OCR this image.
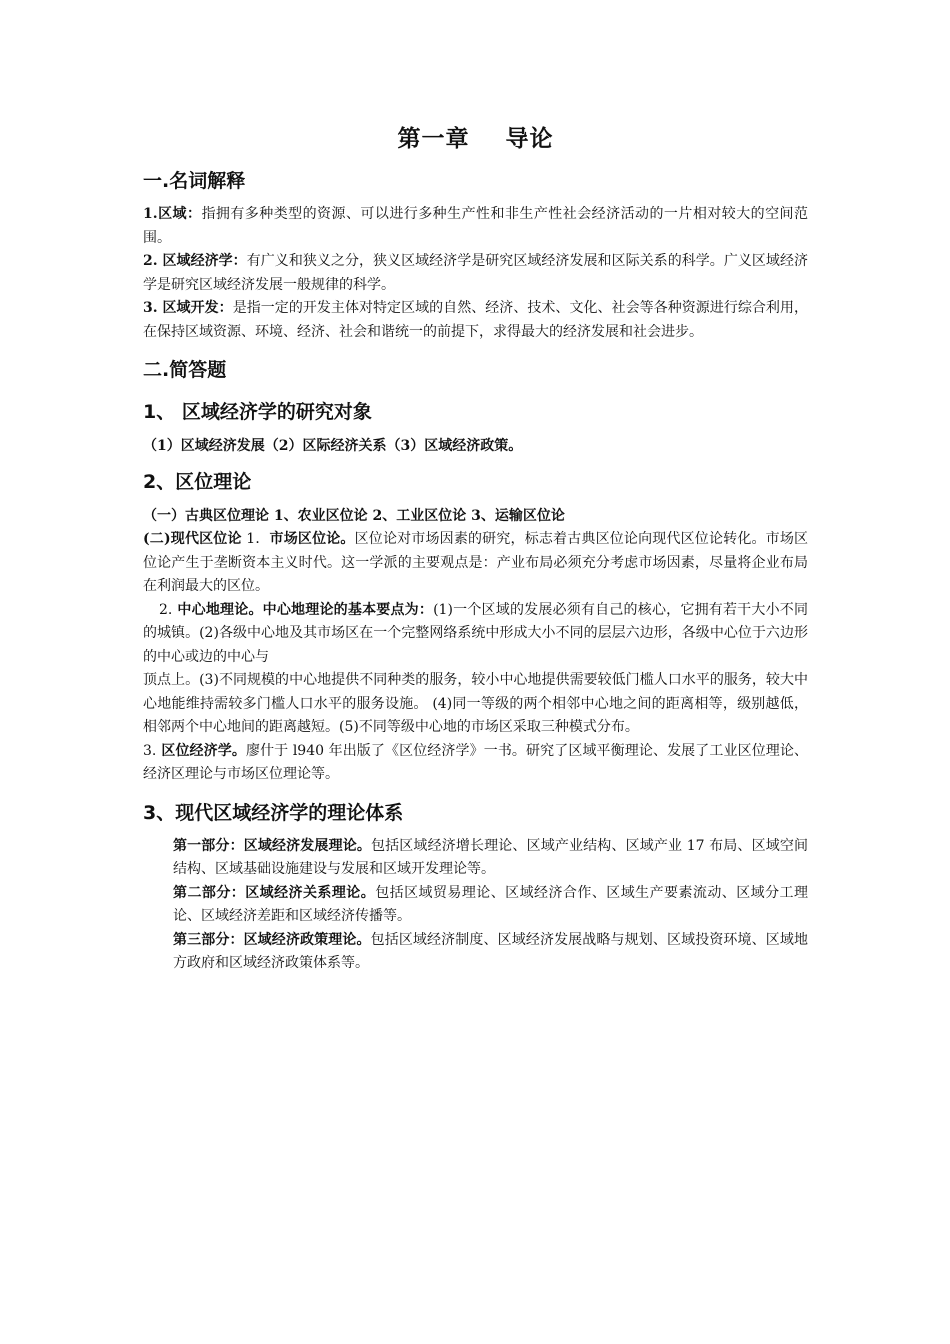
第一章    导论
一.名词解释

1.区域：指拥有多种类型的资源、可以进行多种生产性和非生产性社会经济活动的一片相对较大的空间范围。

2. 区域经济学：有广义和狭义之分，狭义区域经济学是研究区域经济发展和区际关系的科学。广义区域经济学是研究区域经济发展一般规律的科学。

3. 区域开发：是指一定的开发主体对特定区域的自然、经济、技术、文化、社会等各种资源进行综合利用，在保持区域资源、环境、经济、社会和谐统一的前提下，求得最大的经济发展和社会进步。

二.简答题
1、 区域经济学的研究对象

（1）区域经济发展（2）区际经济关系（3）区域经济政策。

2、区位理论

（一）古典区位理论 1、农业区位论 2、工业区位论 3、运输区位论

(二)现代区位论 1．市场区位论。区位论对市场因素的研究，标志着古典区位论向现代区位论转化。市场区位论产生于垄断资本主义时代。这一学派的主要观点是：产业布局必须充分考虑市场因素，尽量将企业布局在利润最大的区位。

2. 中心地理论。中心地理论的基本要点为：(1)一个区域的发展必须有自己的核心，它拥有若干大小不同的城镇。(2)各级中心地及其市场区在一个完整网络系统中形成大小不同的层层六边形，各级中心位于六边形的中心或边的中心与

顶点上。(3)不同规模的中心地提供不同种类的服务，较小中心地提供需要较低门槛人口水平的服务，较大中心地能维持需较多门槛人口水平的服务设施。 (4)同一等级的两个相邻中心地之间的距离相等，级别越低，相邻两个中心地间的距离越短。(5)不同等级中心地的市场区采取三种模式分布。

3. 区位经济学。廖什于 l940 年出版了《区位经济学》一书。研究了区域平衡理论、发展了工业区位理论、经济区理论与市场区位理论等。

3、现代区域经济学的理论体系

第一部分：区域经济发展理论。包括区域经济增长理论、区域产业结构、区域产业 17 布局、区域空间结构、区域基础设施建设与发展和区域开发理论等。

第二部分：区域经济关系理论。包括区域贸易理论、区域经济合作、区域生产要素流动、区域分工理论、区域经济差距和区域经济传播等。

第三部分：区域经济政策理论。包括区域经济制度、区域经济发展战略与规划、区域投资环境、区域地方政府和区域经济政策体系等。
